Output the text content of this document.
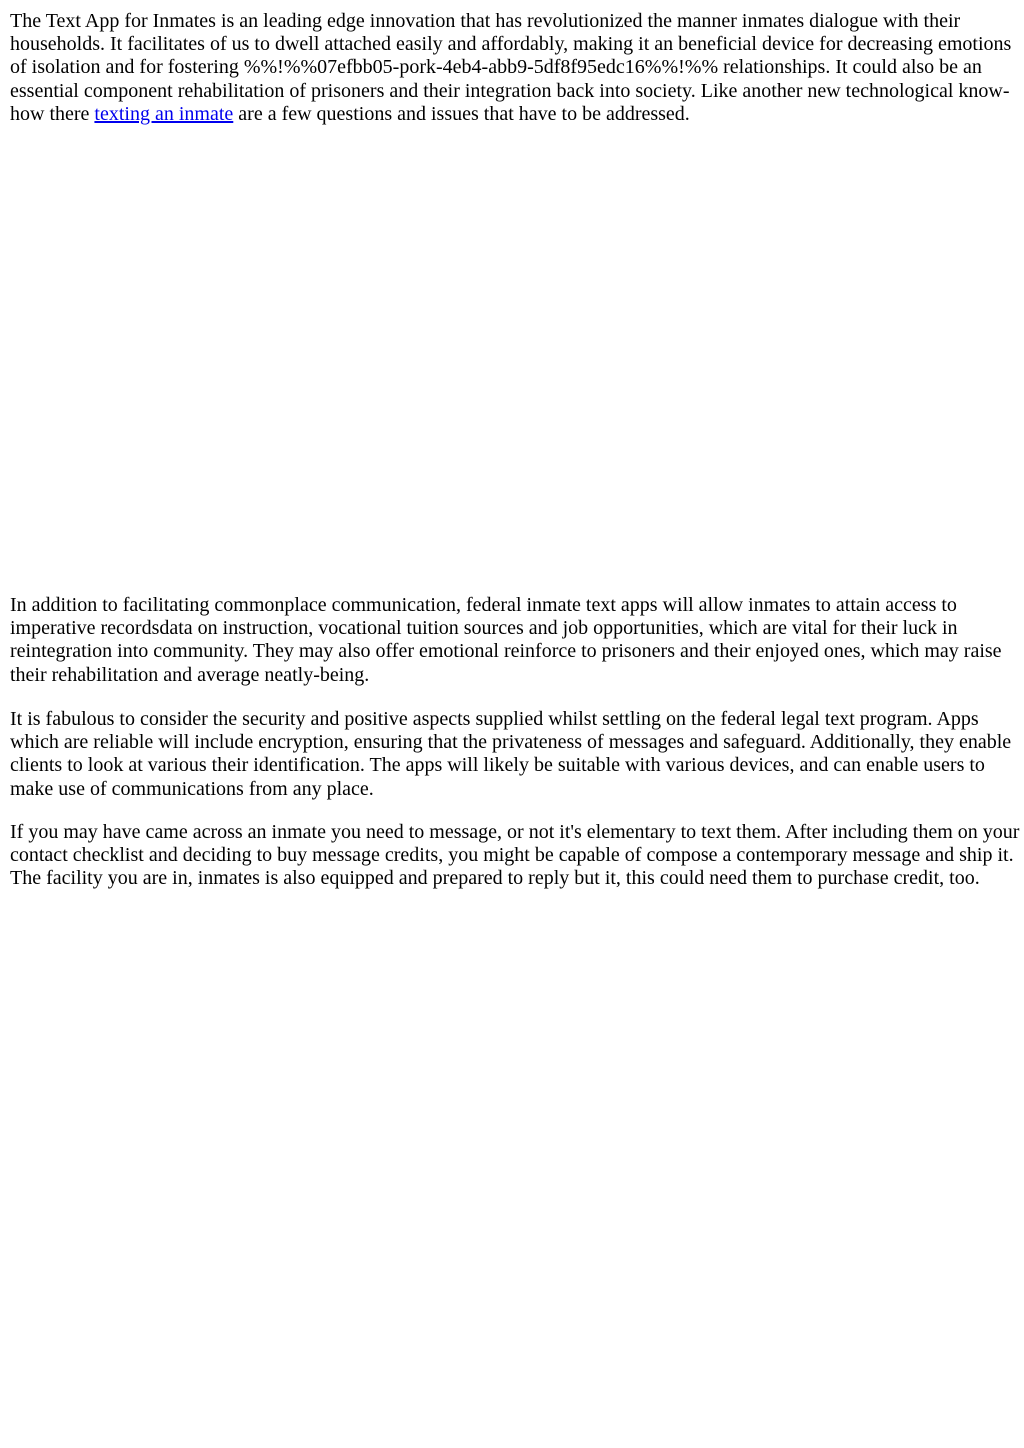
The Text App for Inmates is an leading edge innovation that has revolutionized the manner inmates dialogue with their households. It facilitates of us to dwell attached easily and affordably, making it an beneficial device for decreasing emotions of isolation and for fostering %%!%%07efbb05-pork-4eb4-abb9-5df8f95edc16%%!%% relationships. It could also be an essential component rehabilitation of prisoners and their integration back into society. Like another new technological know-how there texting an inmate are a few questions and issues that have to be addressed.

In addition to facilitating commonplace communication, federal inmate text apps will allow inmates to attain access to imperative recordsdata on instruction, vocational tuition sources and job opportunities, which are vital for their luck in reintegration into community. They may also offer emotional reinforce to prisoners and their enjoyed ones, which may raise their rehabilitation and average neatly-being.

It is fabulous to consider the security and positive aspects supplied whilst settling on the federal legal text program. Apps which are reliable will include encryption, ensuring that the privateness of messages and safeguard. Additionally, they enable clients to look at various their identification. The apps will likely be suitable with various devices, and can enable users to make use of communications from any place.

If you may have came across an inmate you need to message, or not it's elementary to text them. After including them on your contact checklist and deciding to buy message credits, you might be capable of compose a contemporary message and ship it. The facility you are in, inmates is also equipped and prepared to reply but it, this could need them to purchase credit, too.
